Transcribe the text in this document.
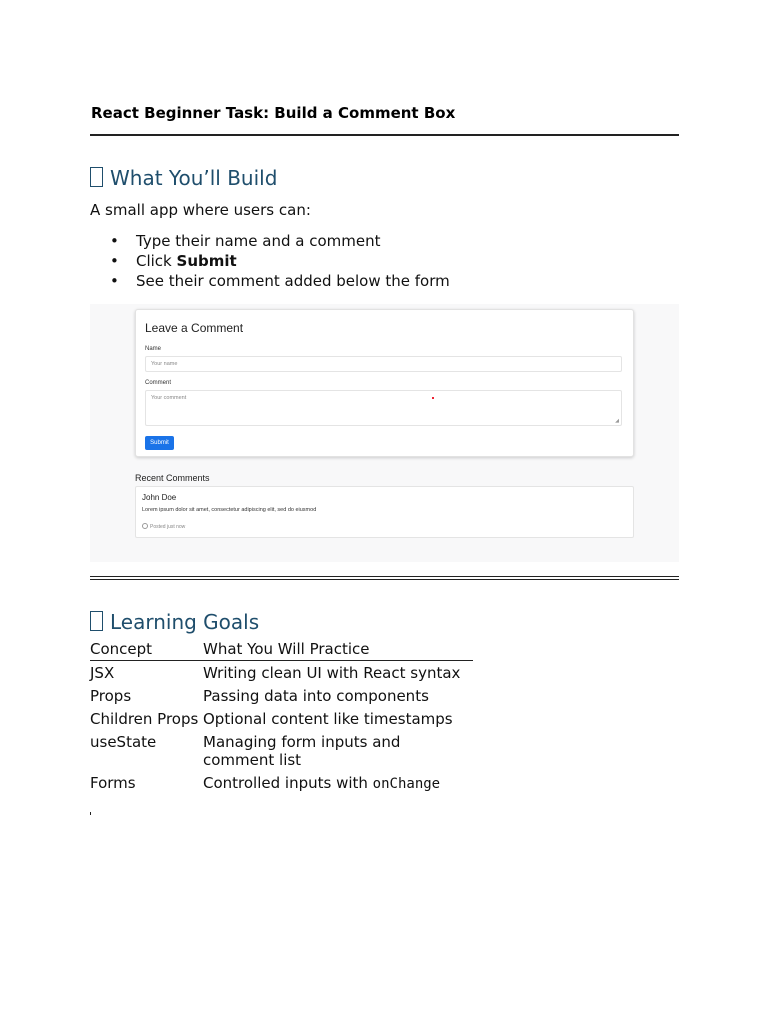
React Beginner Task: Build a Comment Box
What You’ll Build
A small app where users can:
• Type their name and a comment
• Click Submit
• See their comment added below the form
Leave a Comment
Name
Your name
Comment
Your comment
◢
Submit
Recent Comments
John Doe
Lorem ipsum dolor sit amet, consectetur adipiscing elit, sed do eiusmod
Posted just now
Learning Goals
Concept	What You Will Practice
JSX	Writing clean UI with React syntax
Props	Passing data into components
Children Props	Optional content like timestamps
useState	Managing form inputs and comment list
Forms	Controlled inputs with onChange
